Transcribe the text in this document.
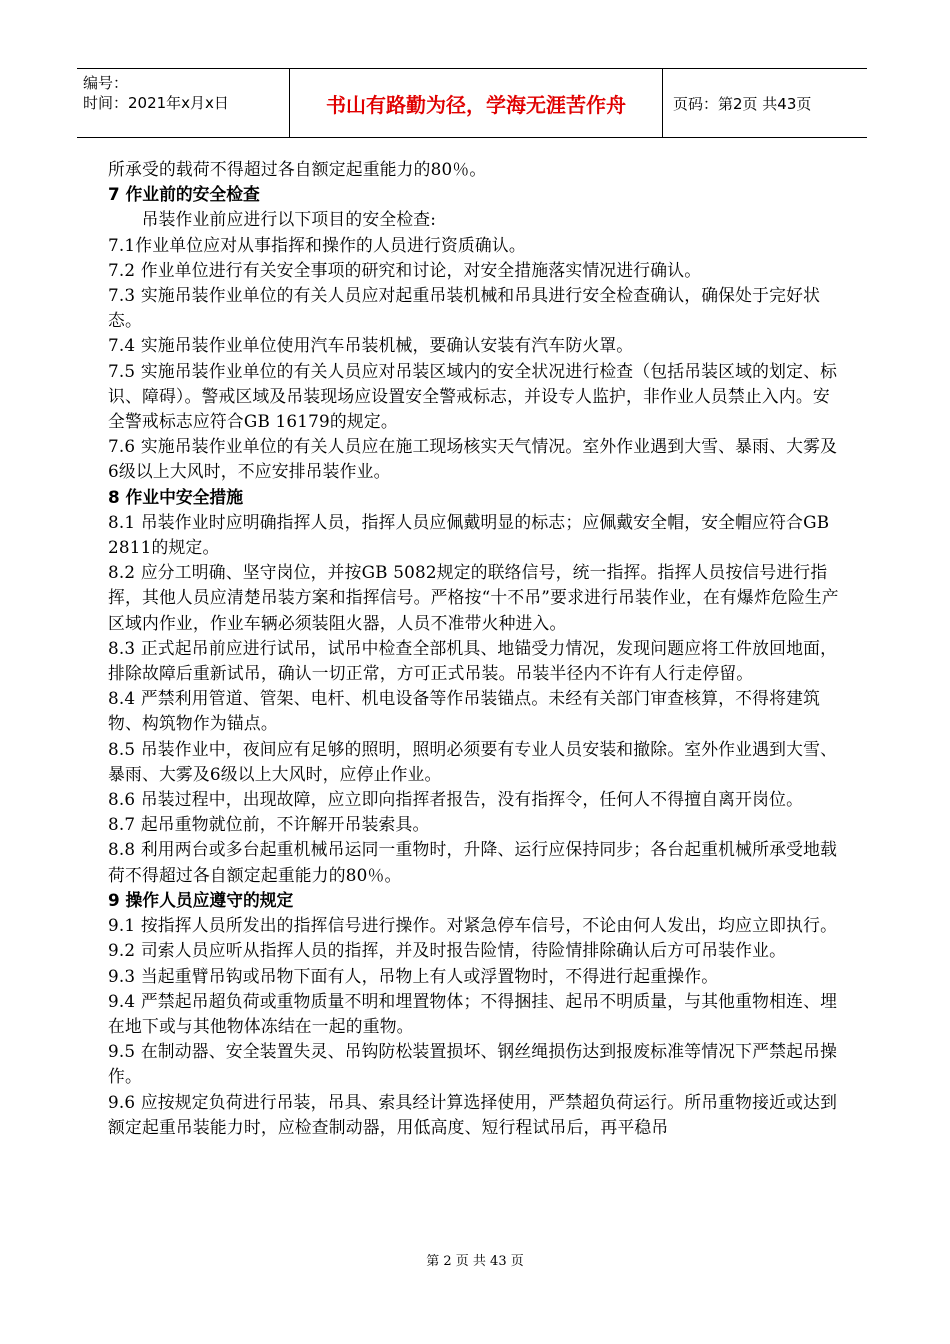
编号：
时间：2021年x月x日	书山有路勤为径，学海无涯苦作舟	页码：第2页 共43页

所承受的载荷不得超过各自额定起重能力的80％。

7 作业前的安全检查

吊装作业前应进行以下项目的安全检查:

7.1作业单位应对从事指挥和操作的人员进行资质确认。

7.2 作业单位进行有关安全事项的研究和讨论，对安全措施落实情况进行确认。

7.3 实施吊装作业单位的有关人员应对起重吊装机械和吊具进行安全检查确认，确保处于完好状态。

7.4 实施吊装作业单位使用汽车吊装机械，要确认安装有汽车防火罩。

7.5 实施吊装作业单位的有关人员应对吊装区域内的安全状况进行检查（包括吊装区域的划定、标识、障碍）。警戒区域及吊装现场应设置安全警戒标志，并设专人监护，非作业人员禁止入内。安全警戒标志应符合GB 16179的规定。

7.6 实施吊装作业单位的有关人员应在施工现场核实天气情况。室外作业遇到大雪、暴雨、大雾及6级以上大风时，不应安排吊装作业。

8 作业中安全措施

8.1 吊装作业时应明确指挥人员，指挥人员应佩戴明显的标志；应佩戴安全帽，安全帽应符合GB 2811的规定。

8.2 应分工明确、坚守岗位，并按GB 5082规定的联络信号，统一指挥。指挥人员按信号进行指挥，其他人员应清楚吊装方案和指挥信号。严格按“十不吊”要求进行吊装作业，在有爆炸危险生产区域内作业，作业车辆必须装阻火器，人员不准带火种进入。

8.3 正式起吊前应进行试吊，试吊中检查全部机具、地锚受力情况，发现问题应将工件放回地面，排除故障后重新试吊，确认一切正常，方可正式吊装。吊装半径内不许有人行走停留。

8.4 严禁利用管道、管架、电杆、机电设备等作吊装锚点。未经有关部门审查核算，不得将建筑物、构筑物作为锚点。

8.5 吊装作业中，夜间应有足够的照明，照明必须要有专业人员安装和撤除。室外作业遇到大雪、暴雨、大雾及6级以上大风时，应停止作业。

8.6 吊装过程中，出现故障，应立即向指挥者报告，没有指挥令，任何人不得擅自离开岗位。

8.7 起吊重物就位前，不许解开吊装索具。

8.8 利用两台或多台起重机械吊运同一重物时，升降、运行应保持同步；各台起重机械所承受地载荷不得超过各自额定起重能力的80％。

9 操作人员应遵守的规定

9.1 按指挥人员所发出的指挥信号进行操作。对紧急停车信号，不论由何人发出，均应立即执行。

9.2 司索人员应听从指挥人员的指挥，并及时报告险情，待险情排除确认后方可吊装作业。

9.3 当起重臂吊钩或吊物下面有人，吊物上有人或浮置物时，不得进行起重操作。

9.4 严禁起吊超负荷或重物质量不明和埋置物体；不得捆挂、起吊不明质量，与其他重物相连、埋在地下或与其他物体冻结在一起的重物。

9.5 在制动器、安全装置失灵、吊钩防松装置损坏、钢丝绳损伤达到报废标准等情况下严禁起吊操作。

9.6 应按规定负荷进行吊装，吊具、索具经计算选择使用，严禁超负荷运行。所吊重物接近或达到额定起重吊装能力时，应检查制动器，用低高度、短行程试吊后，再平稳吊

第 2 页 共 43 页
